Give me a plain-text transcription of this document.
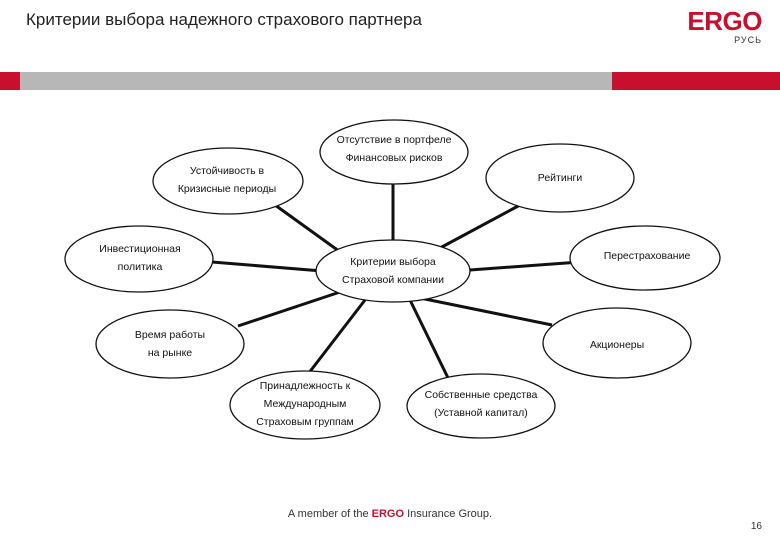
Критерии выбора надежного страхового партнера	ERGO
РУСЬ
Критерии выбора
Страховой компании
Отсутствие в портфеле
Финансовых рисков
Рейтинги
Перестрахование
Акционеры
Собственные средства
(Уставной капитал)
Принадлежность к
Международным
Страховым группам
Время работы
на рынке
Инвестиционная
политика
Устойчивость в
Кризисные периоды
A member of the ERGO Insurance Group.
16
